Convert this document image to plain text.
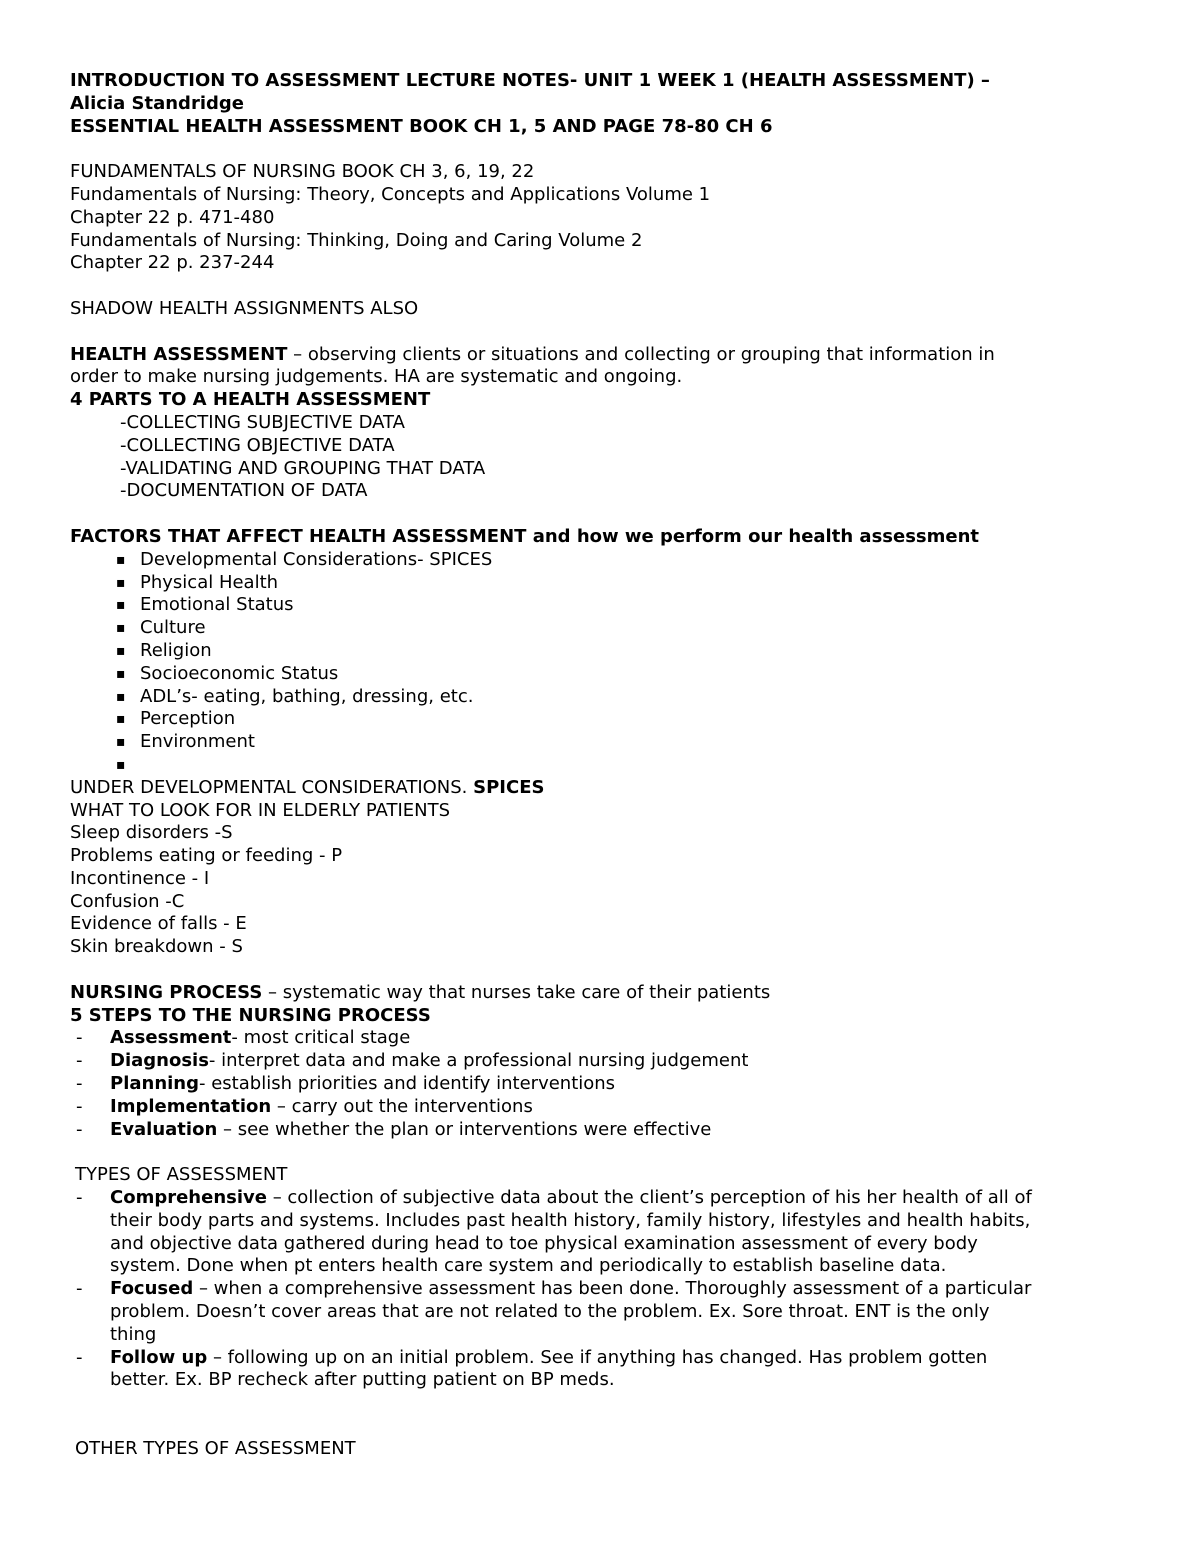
INTRODUCTION TO ASSESSMENT LECTURE NOTES- UNIT 1 WEEK 1 (HEALTH ASSESSMENT) –
Alicia Standridge
ESSENTIAL HEALTH ASSESSMENT BOOK CH 1, 5 AND PAGE 78-80 CH 6
FUNDAMENTALS OF NURSING BOOK CH 3, 6, 19, 22
Fundamentals of Nursing: Theory, Concepts and Applications Volume 1
Chapter 22 p. 471-480
Fundamentals of Nursing: Thinking, Doing and Caring Volume 2
Chapter 22 p. 237-244
SHADOW HEALTH ASSIGNMENTS ALSO
HEALTH ASSESSMENT – observing clients or situations and collecting or grouping that information in
order to make nursing judgements. HA are systematic and ongoing.
4 PARTS TO A HEALTH ASSESSMENT
-COLLECTING SUBJECTIVE DATA
-COLLECTING OBJECTIVE DATA
-VALIDATING AND GROUPING THAT DATA
-DOCUMENTATION OF DATA
FACTORS THAT AFFECT HEALTH ASSESSMENT and how we perform our health assessment
▪ Developmental Considerations- SPICES
▪ Physical Health
▪ Emotional Status
▪ Culture
▪ Religion
▪ Socioeconomic Status
▪ ADL’s- eating, bathing, dressing, etc.
▪ Perception
▪ Environment
▪
UNDER DEVELOPMENTAL CONSIDERATIONS. SPICES
WHAT TO LOOK FOR IN ELDERLY PATIENTS
Sleep disorders -S
Problems eating or feeding - P
Incontinence - I
Confusion -C
Evidence of falls - E
Skin breakdown - S
NURSING PROCESS – systematic way that nurses take care of their patients
5 STEPS TO THE NURSING PROCESS
- Assessment- most critical stage
- Diagnosis- interpret data and make a professional nursing judgement
- Planning- establish priorities and identify interventions
- Implementation – carry out the interventions
- Evaluation – see whether the plan or interventions were effective
TYPES OF ASSESSMENT
- Comprehensive – collection of subjective data about the client’s perception of his her health of all of
their body parts and systems. Includes past health history, family history, lifestyles and health habits,
and objective data gathered during head to toe physical examination assessment of every body
system. Done when pt enters health care system and periodically to establish baseline data.
- Focused – when a comprehensive assessment has been done. Thoroughly assessment of a particular
problem. Doesn’t cover areas that are not related to the problem. Ex. Sore throat. ENT is the only
thing
- Follow up – following up on an initial problem. See if anything has changed. Has problem gotten
better. Ex. BP recheck after putting patient on BP meds.
OTHER TYPES OF ASSESSMENT
